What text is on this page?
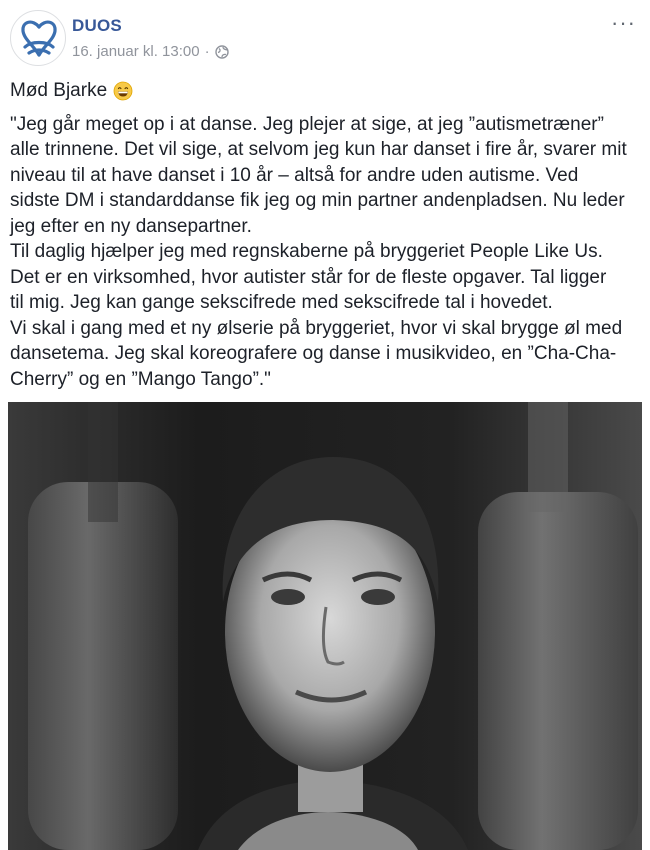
DUOS
16. januar kl. 13:00 ·
···
Mød Bjarke
"Jeg går meget op i at danse. Jeg plejer at sige, at jeg ”autismetræner”
alle trinnene. Det vil sige, at selvom jeg kun har danset i fire år, svarer mit
niveau til at have danset i 10 år – altså for andre uden autisme. Ved
sidste DM i standarddanse fik jeg og min partner andenpladsen. Nu leder
jeg efter en ny dansepartner.
Til daglig hjælper jeg med regnskaberne på bryggeriet People Like Us.
Det er en virksomhed, hvor autister står for de fleste opgaver. Tal ligger
til mig. Jeg kan gange sekscifrede med sekscifrede tal i hovedet.
Vi skal i gang med et ny ølserie på bryggeriet, hvor vi skal brygge øl med
dansetema. Jeg skal koreografere og danse i musikvideo, en ”Cha-Cha-
Cherry” og en ”Mango Tango”."
